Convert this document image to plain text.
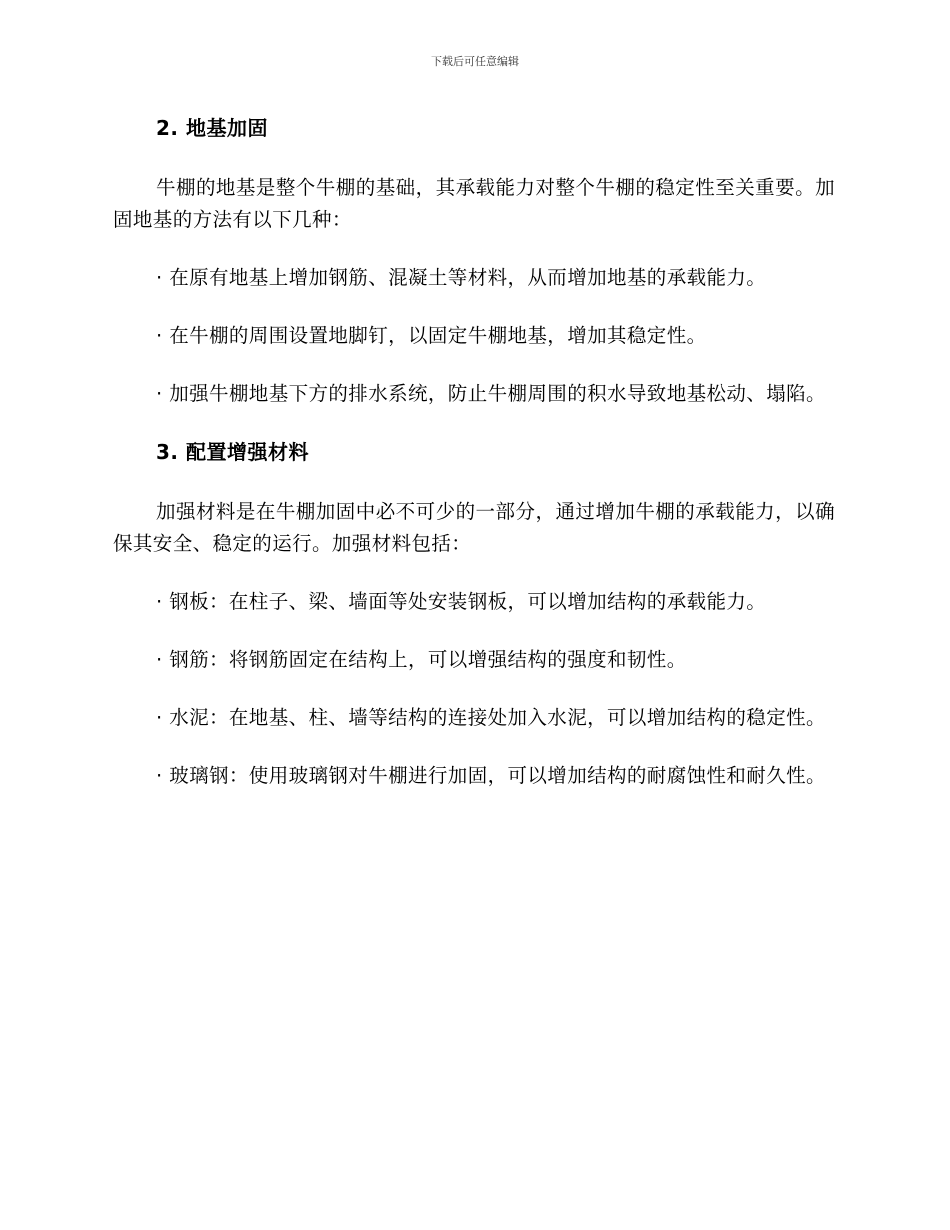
下载后可任意编辑
2. 地基加固

牛棚的地基是整个牛棚的基础，其承载能力对整个牛棚的稳定性至关重要。加固地基的方法有以下几种：

· 在原有地基上增加钢筋、混凝土等材料，从而增加地基的承载能力。

· 在牛棚的周围设置地脚钉，以固定牛棚地基，增加其稳定性。

· 加强牛棚地基下方的排水系统，防止牛棚周围的积水导致地基松动、塌陷。

3. 配置增强材料

加强材料是在牛棚加固中必不可少的一部分，通过增加牛棚的承载能力，以确保其安全、稳定的运行。加强材料包括：

· 钢板：在柱子、梁、墙面等处安装钢板，可以增加结构的承载能力。

· 钢筋：将钢筋固定在结构上，可以增强结构的强度和韧性。

· 水泥：在地基、柱、墙等结构的连接处加入水泥，可以增加结构的稳定性。

· 玻璃钢：使用玻璃钢对牛棚进行加固，可以增加结构的耐腐蚀性和耐久性。
